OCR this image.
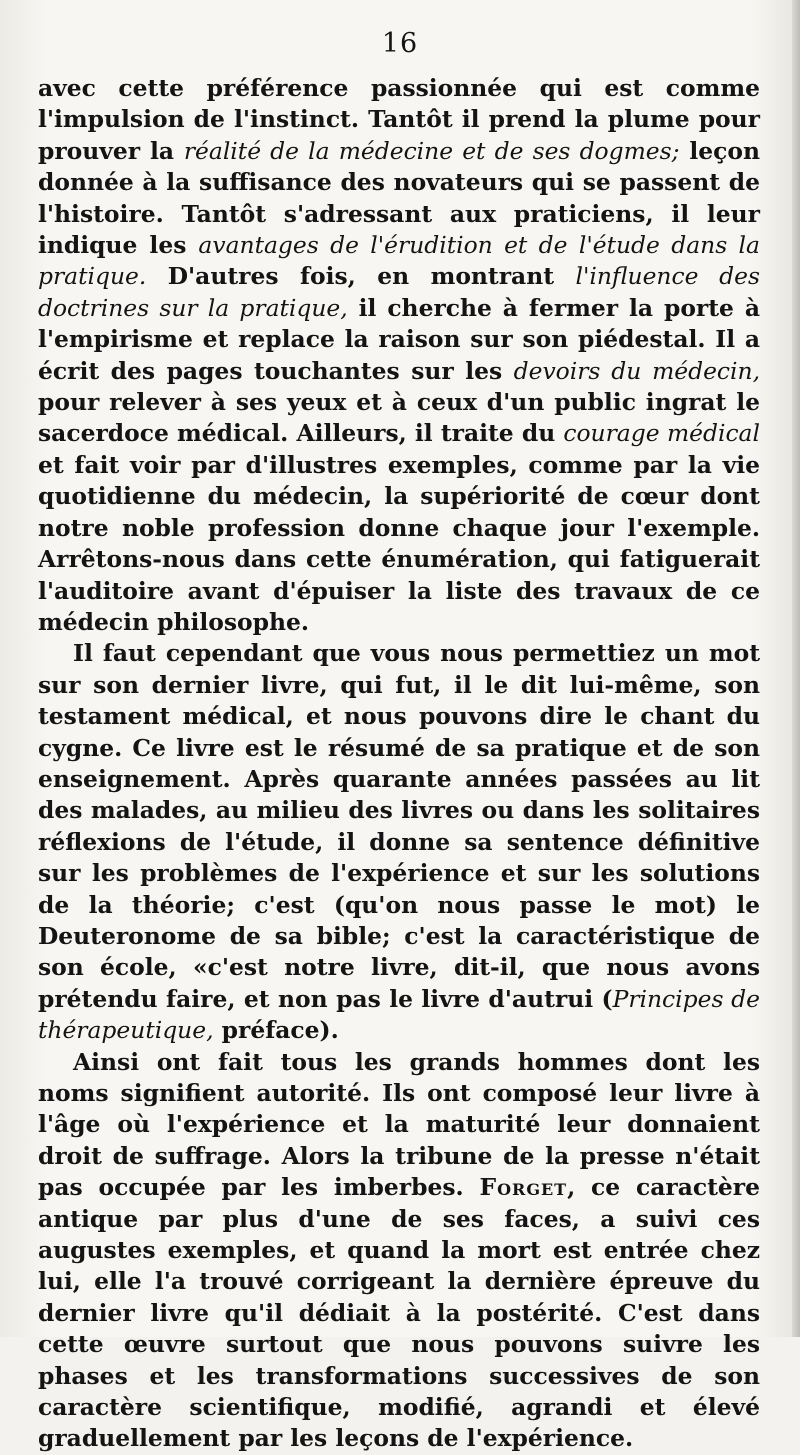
16

avec cette préférence passionnée qui est comme l'impulsion de l'instinct. Tantôt il prend la plume pour prouver la réalité de la médecine et de ses dogmes; leçon donnée à la suffisance des novateurs qui se passent de l'histoire. Tantôt s'adressant aux praticiens, il leur indique les avantages de l'érudition et de l'étude dans la pratique. D'autres fois, en montrant l'influence des doctrines sur la pratique, il cherche à fermer la porte à l'empirisme et replace la raison sur son piédestal. Il a écrit des pages touchantes sur les devoirs du médecin, pour relever à ses yeux et à ceux d'un public ingrat le sacerdoce médical. Ailleurs, il traite du courage médical et fait voir par d'illustres exemples, comme par la vie quotidienne du médecin, la supériorité de cœur dont notre noble profession donne chaque jour l'exemple. Arrêtons-nous dans cette énumération, qui fatiguerait l'auditoire avant d'épuiser la liste des travaux de ce médecin philosophe.

Il faut cependant que vous nous permettiez un mot sur son dernier livre, qui fut, il le dit lui-même, son testament médical, et nous pouvons dire le chant du cygne. Ce livre est le résumé de sa pratique et de son enseignement. Après quarante années passées au lit des malades, au milieu des livres ou dans les solitaires réflexions de l'étude, il donne sa sentence définitive sur les problèmes de l'expérience et sur les solutions de la théorie; c'est (qu'on nous passe le mot) le Deuteronome de sa bible; c'est la caractéristique de son école, «c'est notre livre, dit-il, que nous avons prétendu faire, et non pas le livre d'autrui (Principes de thérapeutique, préface).

Ainsi ont fait tous les grands hommes dont les noms signifient autorité. Ils ont composé leur livre à l'âge où l'expérience et la maturité leur donnaient droit de suffrage. Alors la tribune de la presse n'était pas occupée par les imberbes. Forget, ce caractère antique par plus d'une de ses faces, a suivi ces augustes exemples, et quand la mort est entrée chez lui, elle l'a trouvé corrigeant la dernière épreuve du dernier livre qu'il dédiait à la postérité. C'est dans cette œuvre surtout que nous pouvons suivre les phases et les transformations successives de son caractère scientifique, modifié, agrandi et élevé graduellement par les leçons de l'expérience.
